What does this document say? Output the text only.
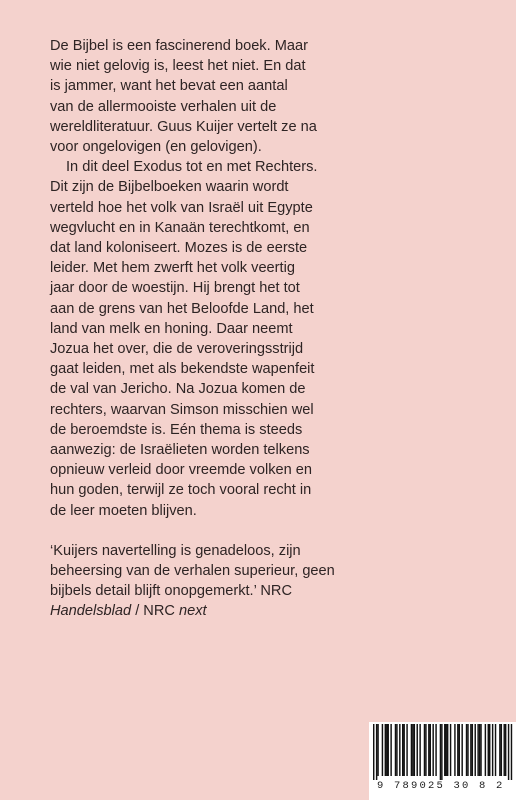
De Bijbel is een fascinerend boek. Maar
wie niet gelovig is, leest het niet. En dat
is jammer, want het bevat een aantal
van de allermooiste verhalen uit de
wereldliteratuur. Guus Kuijer vertelt ze na
voor ongelovigen (en gelovigen).
In dit deel Exodus tot en met Rechters.
Dit zijn de Bijbelboeken waarin wordt
verteld hoe het volk van Israël uit Egypte
wegvlucht en in Kanaän terechtkomt, en
dat land koloniseert. Mozes is de eerste
leider. Met hem zwerft het volk veertig
jaar door de woestijn. Hij brengt het tot
aan de grens van het Beloofde Land, het
land van melk en honing. Daar neemt
Jozua het over, die de veroveringsstrijd
gaat leiden, met als bekendste wapenfeit
de val van Jericho. Na Jozua komen de
rechters, waarvan Simson misschien wel
de beroemdste is. Eén thema is steeds
aanwezig: de Israëlieten worden telkens
opnieuw verleid door vreemde volken en
hun goden, terwijl ze toch vooral recht in
de leer moeten blijven.
‘Kuijers navertelling is genadeloos, zijn
beheersing van de verhalen superieur, geen
bijbels detail blijft onopgemerkt.’ NRC
Handelsblad / NRC next
9 789025 30 8 2
